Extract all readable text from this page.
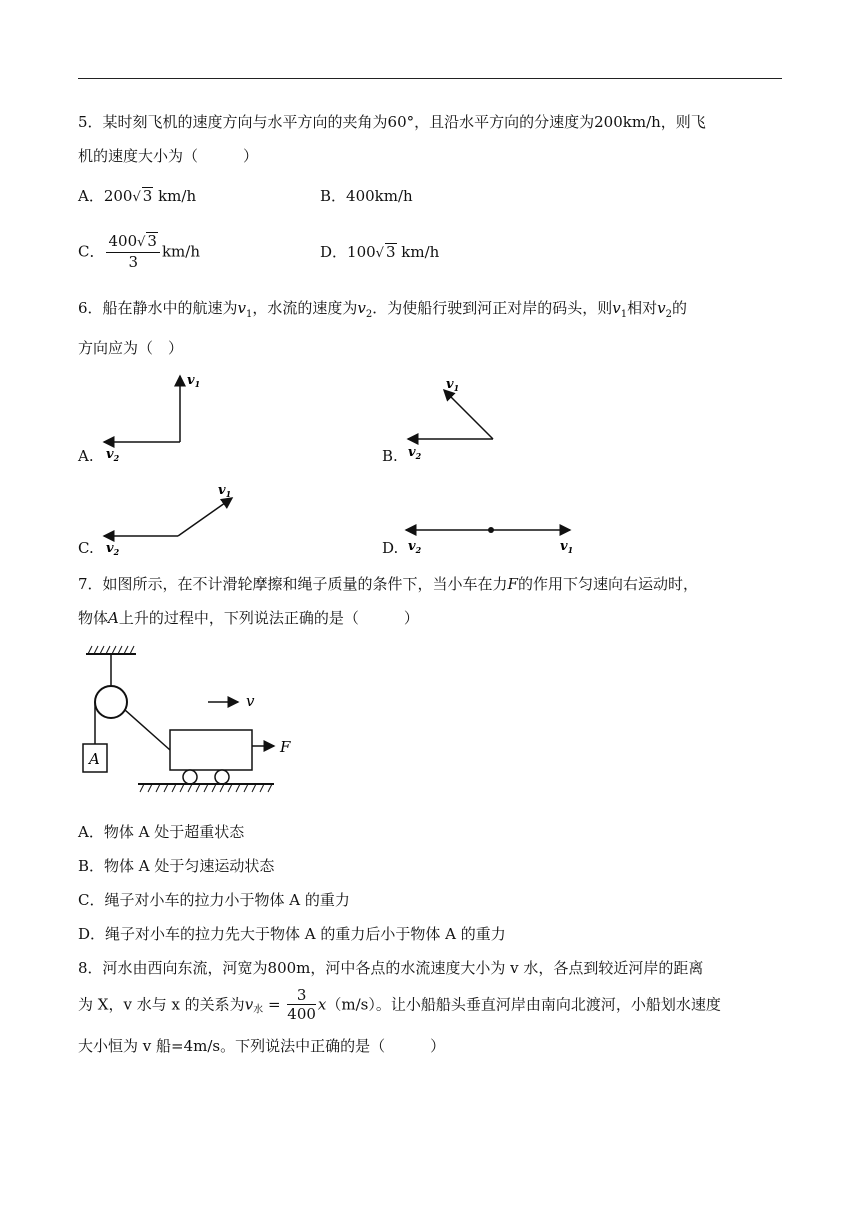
5．某时刻飞机的速度方向与水平方向的夹角为60°，且沿水平方向的分速度为200km/h，则飞
机的速度大小为（　　　）
A．200√ 3 km/h	B．400km/h
C． $\frac{400√ 3}{3} km/h$	D．100√ 3 km/h
6．船在静水中的航速为$v_1$，水流的速度为$v_2$．为使船行驶到河正对岸的码头，则$v_1$相对$v_2$的
方向应为（　）
A.
$v_1$
$v_2$	B.
$v_1$
$v_2$
C.
$v_1$
$v_2$	D. $v_2$	$v_1$
7．如图所示，在不计滑轮摩擦和绳子质量的条件下，当小车在力F的作用下匀速向右运动时，
物体A上升的过程中，下列说法正确的是（　　　）
A
F
v
A．物体 A 处于超重状态
B．物体 A 处于匀速运动状态
C．绳子对小车的拉力小于物体 A 的重力
D．绳子对小车的拉力先大于物体 A 的重力后小于物体 A 的重力
8．河水由西向东流，河宽为800m，河中各点的水流速度大小为 v 水，各点到较近河岸的距离
为 X，v 水与 x 的关系为$v_水 = \frac{3}{400} x(m/s)$。让小船船头垂直河岸由南向北渡河，小船划水速度
大小恒为 v 船=4m/s。下列说法中正确的是（　　　）
